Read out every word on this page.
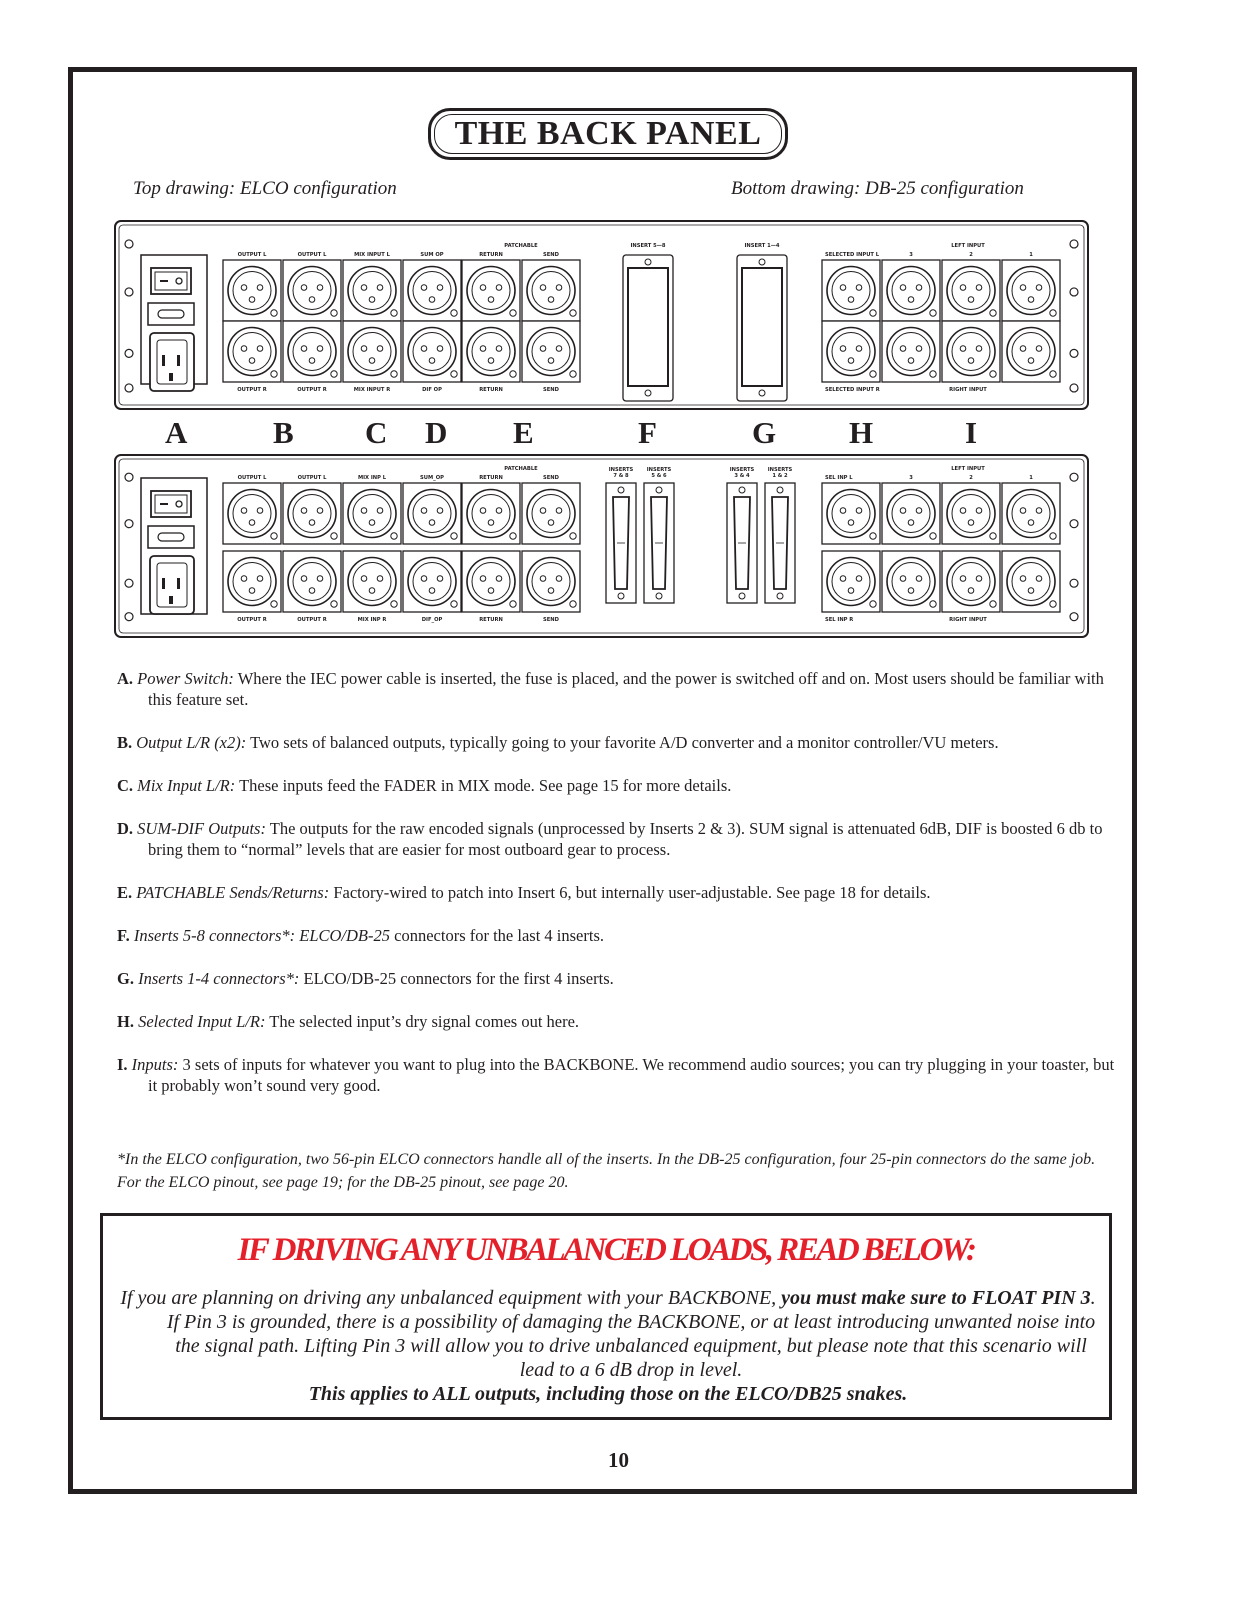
THE BACK PANEL
Top drawing: ELCO configuration	Bottom drawing: DB-25 configuration
OUTPUT L
OUTPUT R
OUTPUT L
OUTPUT R
MIX INPUT L
MIX INPUT R
SUM OP
DIF OP
RETURN
RETURN
SEND
SEND
PATCHABLE
SELECTED INPUT L	3	2	1
LEFT INPUT
SELECTED INPUT R	RIGHT INPUT
INSERT 5—8	INSERT 1—4
A	B C D E	F	G H	I
OUTPUT L
OUTPUT R
OUTPUT L
OUTPUT R
MIX INP L
MIX INP R
SUM_OP
DIF_OP
RETURN
RETURN
SEND
SEND
PATCHABLE
SEL INP L	3	2	1
LEFT INPUT
SEL INP R	RIGHT INPUT
INSERTS
7 & 8
INSERTS
5 & 6
INSERTS
3 & 4
INSERTS
1 & 2
A. Power Switch: Where the IEC power cable is inserted, the fuse is placed, and the power is switched off and on. Most users should be familiar with this feature set.
B. Output L/R (x2): Two sets of balanced outputs, typically going to your favorite A/D converter and a monitor controller/VU meters.
C. Mix Input L/R: These inputs feed the FADER in MIX mode. See page 15 for more details.
D. SUM-DIF Outputs: The outputs for the raw encoded signals (unprocessed by Inserts 2 & 3). SUM signal is attenuated 6dB, DIF is boosted 6 db to bring them to “normal” levels that are easier for most outboard gear to process.
E. PATCHABLE Sends/Returns: Factory-wired to patch into Insert 6, but internally user-adjustable. See page 18 for details.
F. Inserts 5-8 connectors*: ELCO/DB-25 connectors for the last 4 inserts.
G. Inserts 1-4 connectors*: ELCO/DB-25 connectors for the first 4 inserts.
H. Selected Input L/R: The selected input’s dry signal comes out here.
I. Inputs: 3 sets of inputs for whatever you want to plug into the BACKBONE. We recommend audio sources; you can try plugging in your toaster, but it probably won’t sound very good.
*In the ELCO configuration, two 56-pin ELCO connectors handle all of the inserts. In the DB-25 configuration, four 25-pin connectors do the same job. For the ELCO pinout, see page 19; for the DB-25 pinout, see page 20.
IF DRIVING ANY UNBALANCED LOADS, READ BELOW:
If you are planning on driving any unbalanced equipment with your BACKBONE, you must make sure to FLOAT PIN 3. If Pin 3 is grounded, there is a possibility of damaging the BACKBONE, or at least introducing unwanted noise into the signal path. Lifting Pin 3 will allow you to drive unbalanced equipment, but please note that this scenario will lead to a 6 dB drop in level.
This applies to ALL outputs, including those on the ELCO/DB25 snakes.
10
